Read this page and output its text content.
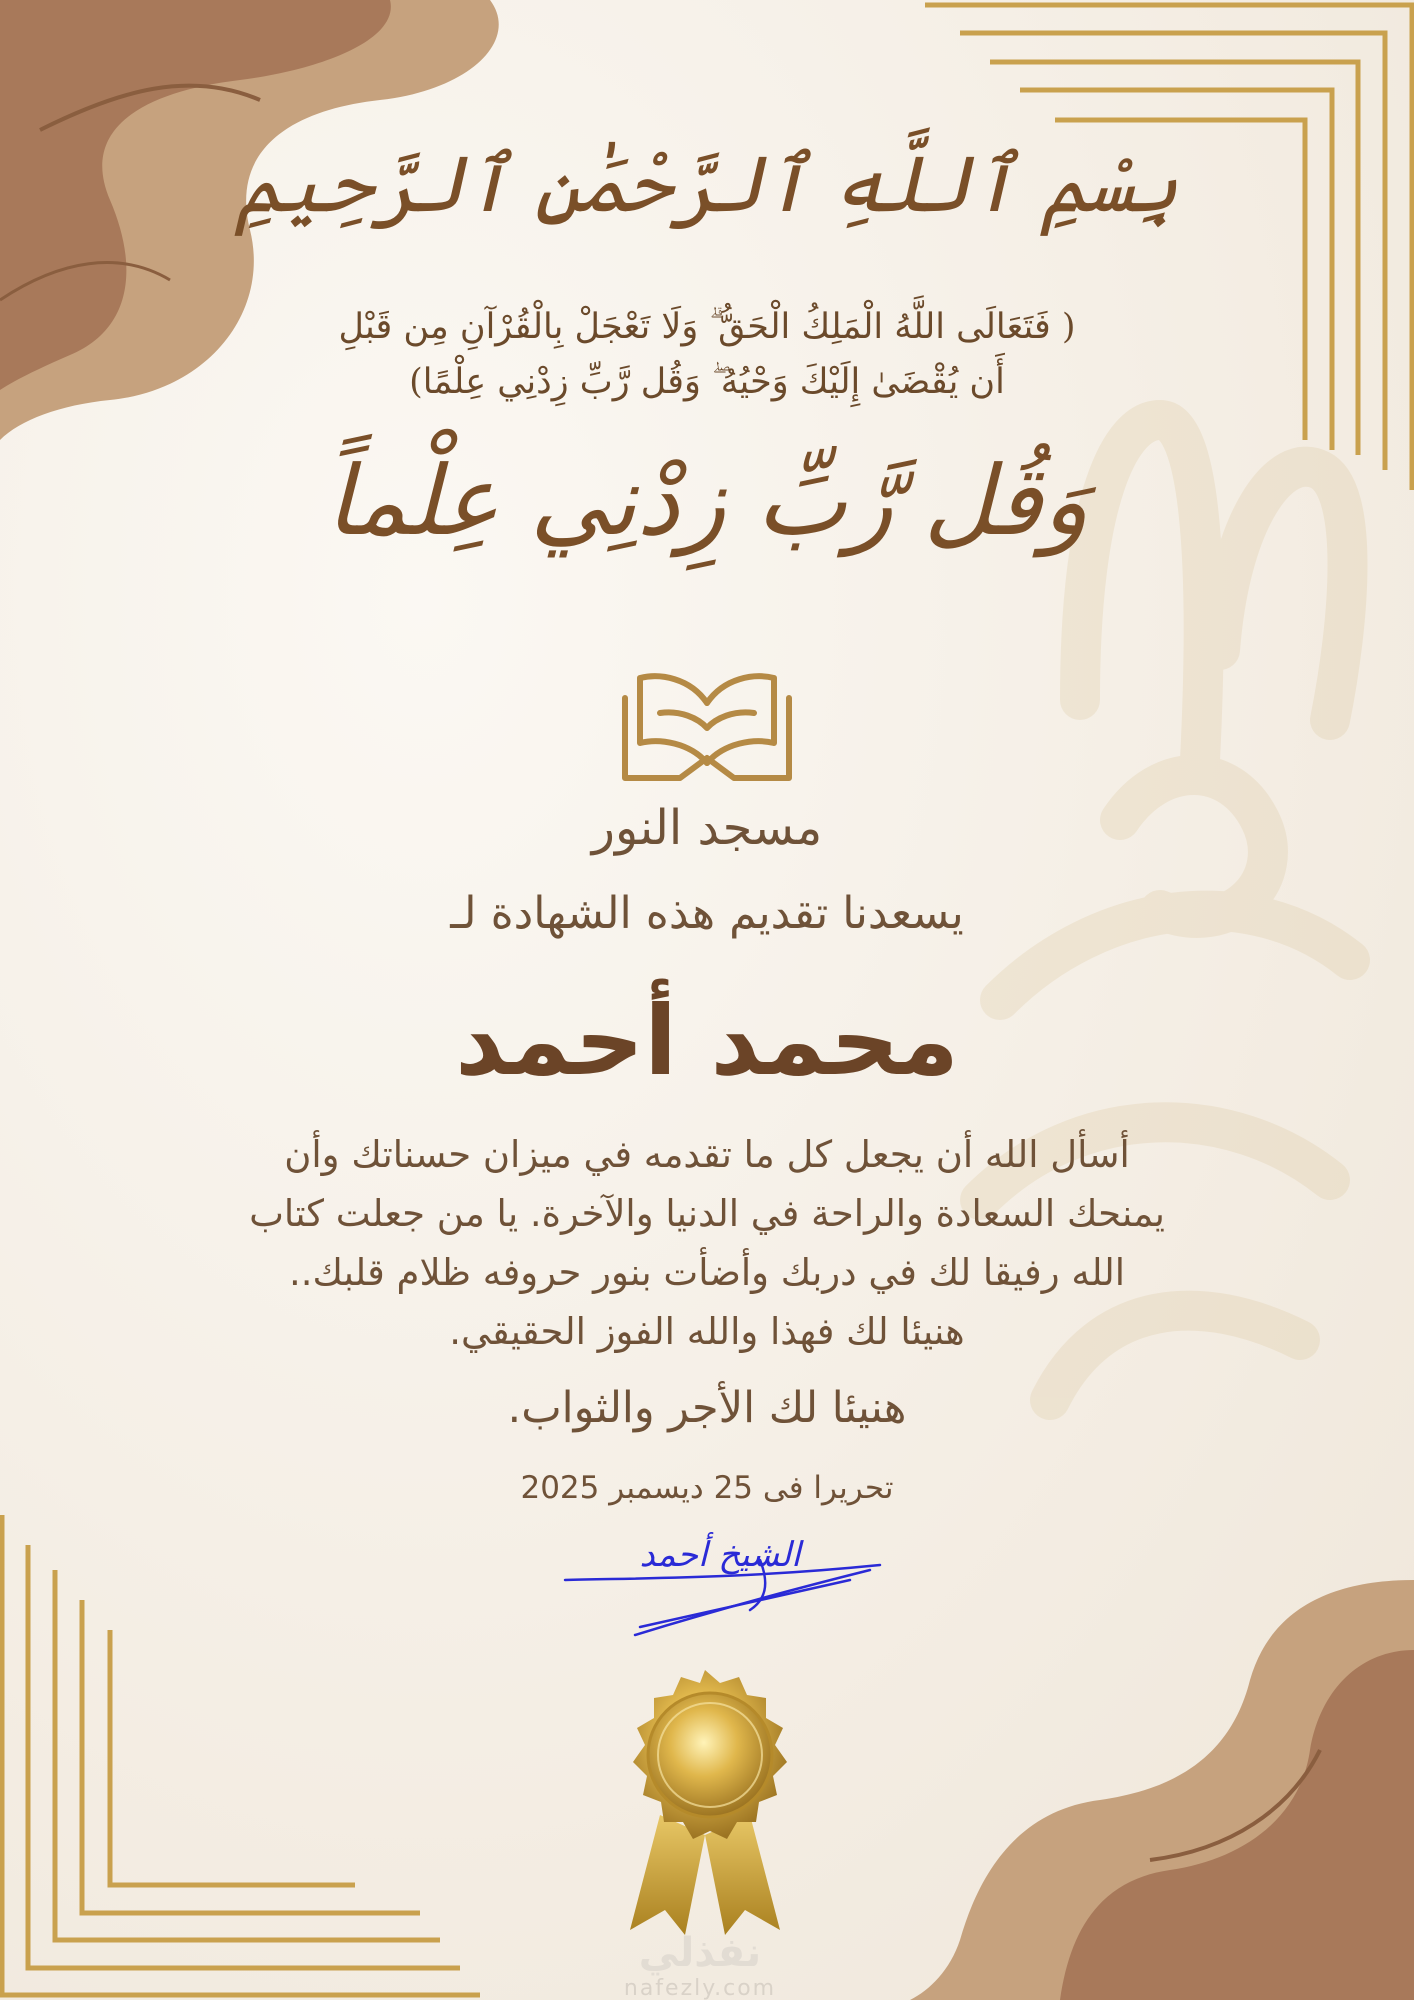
بِسْمِ ٱللَّهِ ٱلرَّحْمَٰنِ ٱلرَّحِيمِ
( فَتَعَالَى اللَّهُ الْمَلِكُ الْحَقُّ ۗ وَلَا تَعْجَلْ بِالْقُرْآنِ مِن قَبْلِ
أَن يُقْضَىٰ إِلَيْكَ وَحْيُهُ ۖ وَقُل رَّبِّ زِدْنِي عِلْمًا)
وَقُل رَّبِّ زِدْنِي عِلْماً
مسجد النور
يسعدنا تقديم هذه الشهادة لـ
محمد أحمد
أسأل الله أن يجعل كل ما تقدمه في ميزان حسناتك وأن
يمنحك السعادة والراحة في الدنيا والآخرة. يا من جعلت كتاب
الله رفيقا لك في دربك وأضأت بنور حروفه ظلام قلبك..
هنيئا لك فهذا والله الفوز الحقيقي.
هنيئا لك الأجر والثواب.
تحريرا فى 25 ديسمبر 2025
الشيخ أحمد
نفذلي
nafezly.com
